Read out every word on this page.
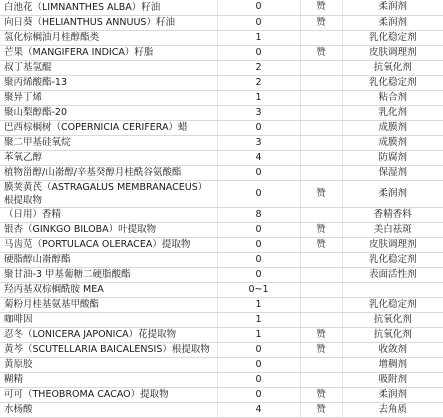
白池花（LIMNANTHES ALBA）籽油	0	赞	柔润剂

向日葵（HELIANTHUS ANNUUS）籽油	0	赞	柔润剂

氢化棕榈油月桂醇酯类	1		乳化稳定剂

芒果（MANGIFERA INDICA）籽脂	0	赞	皮肤调理剂

叔丁基氢醌	2		抗氧化剂

聚丙烯酸酯-13	2		乳化稳定剂

聚异丁烯	1		粘合剂

聚山梨醇酯-20	3		乳化剂

巴西棕榈树（COPERNICIA CERIFERA）蜡	0		成膜剂

聚二甲基硅氧烷	3		成膜剂

苯氧乙醇	4		防腐剂

植物甾醇/山嵛醇/辛基癸醇月桂酰谷氨酸酯	0		保湿剂

膜荚黄芪（ASTRAGALUS MEMBRANACEUS）
根提取物	0	赞	柔润剂

（日用）香精	8		香精香料

银杏（GINKGO BILOBA）叶提取物	0	赞	美白祛斑

马齿苋（PORTULACA OLERACEA）提取物	0	赞	皮肤调理剂

硬脂醇山嵛醇酯	0		乳化稳定剂

聚甘油-3 甲基葡糖二硬脂酸酯	0		表面活性剂

羟丙基双棕榈酰胺 MEA	0~1		

菊粉月桂基氨基甲酸酯	1		乳化稳定剂

咖啡因	1		抗氧化剂

忍冬（LONICERA JAPONICA）花提取物	1	赞	抗氧化剂

黄芩（SCUTELLARIA BAICALENSIS）根提取物	0	赞	收敛剂

黄原胶	0		增稠剂

糊精	0		吸附剂

可可（THEOBROMA CACAO）提取物	0	赞	柔润剂

水杨酸	4	赞	去角质
